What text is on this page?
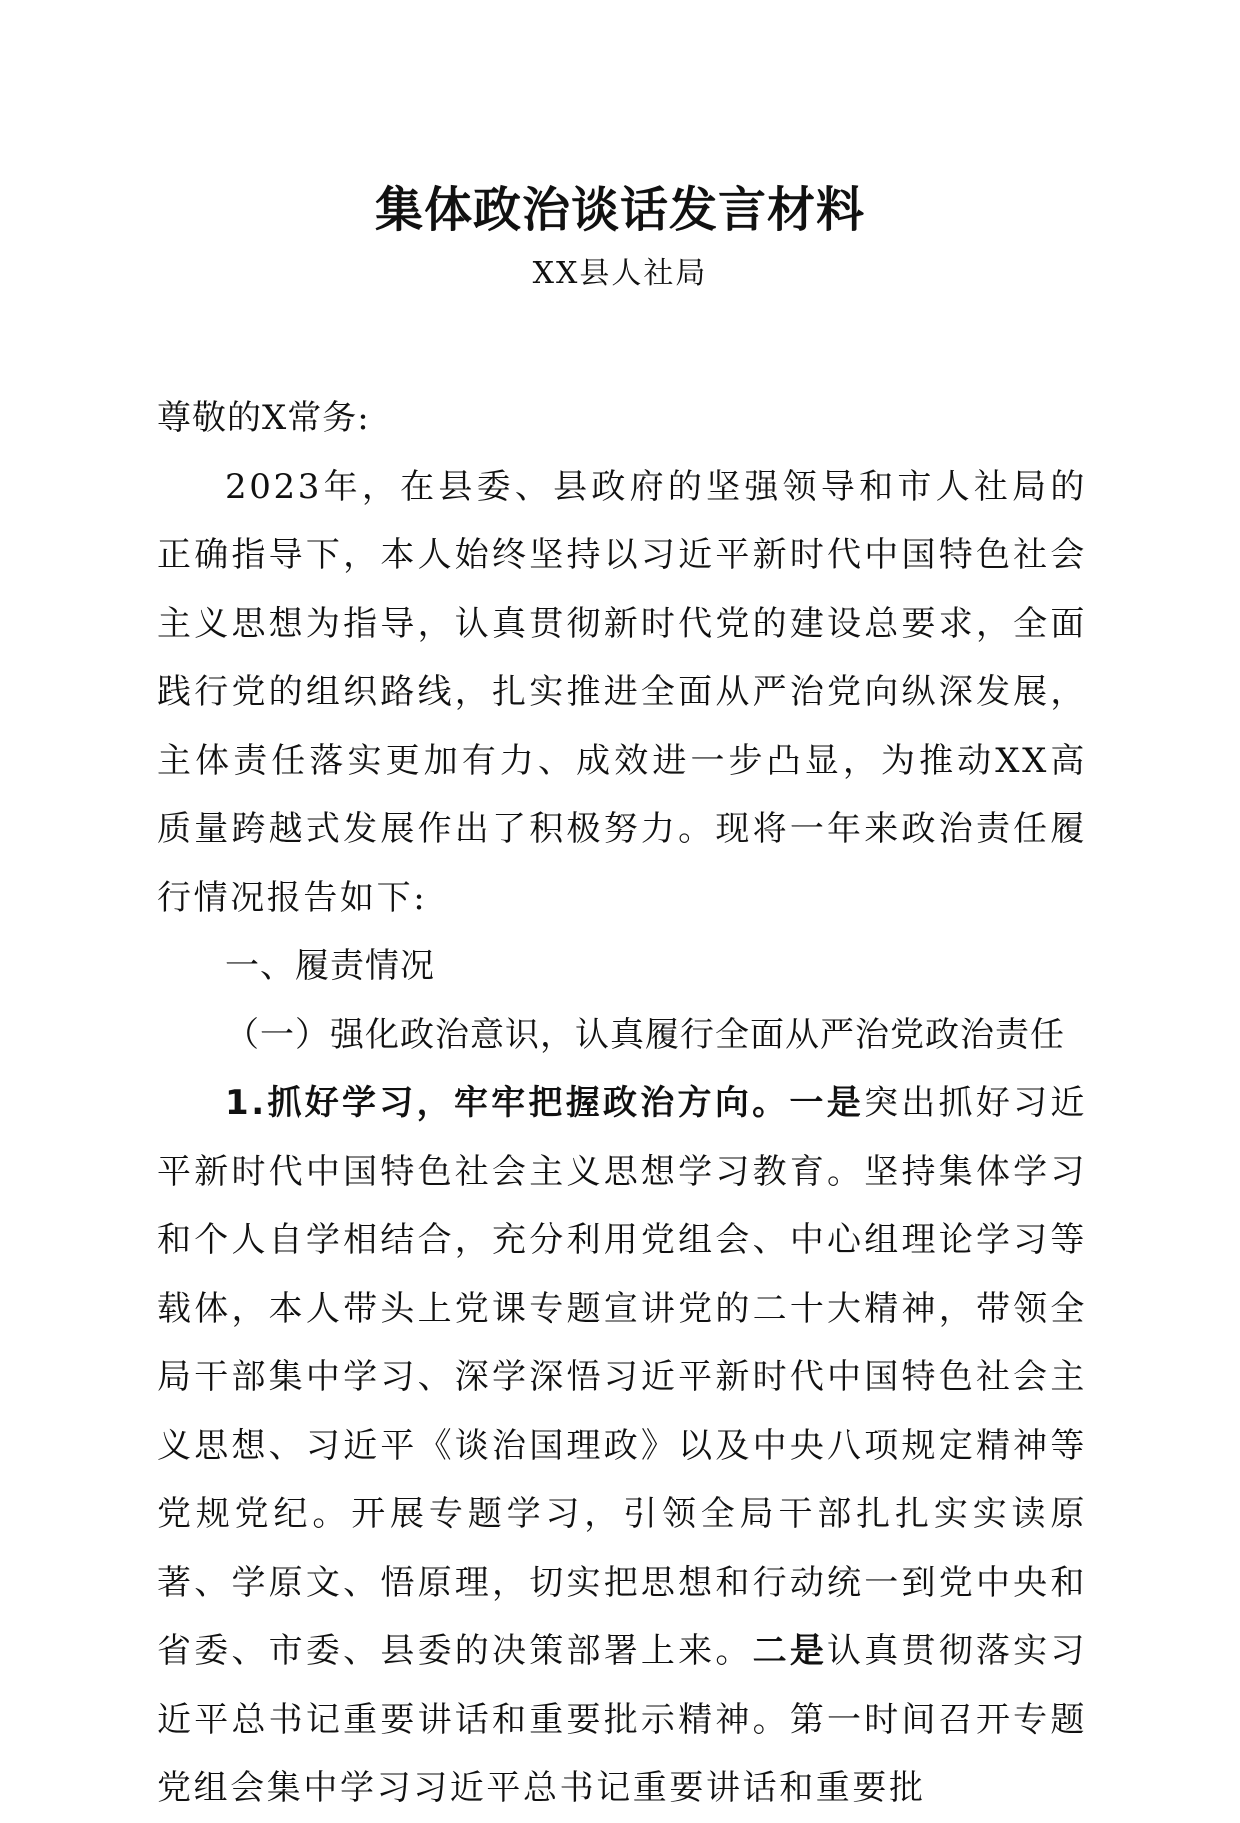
集体政治谈话发言材料
XX县人社局

尊敬的X常务:

2023年，在县委、县政府的坚强领导和市人社局的正确指导下，本人始终坚持以习近平新时代中国特色社会主义思想为指导，认真贯彻新时代党的建设总要求，全面践行党的组织路线，扎实推进全面从严治党向纵深发展，主体责任落实更加有力、成效进一步凸显，为推动XX高质量跨越式发展作出了积极努力。现将一年来政治责任履行情况报告如下:

一、履责情况

（一）强化政治意识，认真履行全面从严治党政治责任

1.抓好学习，牢牢把握政治方向。一是突出抓好习近平新时代中国特色社会主义思想学习教育。坚持集体学习和个人自学相结合，充分利用党组会、中心组理论学习等载体，本人带头上党课专题宣讲党的二十大精神，带领全局干部集中学习、深学深悟习近平新时代中国特色社会主义思想、习近平《谈治国理政》以及中央八项规定精神等党规党纪。开展专题学习，引领全局干部扎扎实实读原著、学原文、悟原理，切实把思想和行动统一到党中央和省委、市委、县委的决策部署上来。二是认真贯彻落实习近平总书记重要讲话和重要批示精神。第一时间召开专题党组会集中学习习近平总书记重要讲话和重要批
